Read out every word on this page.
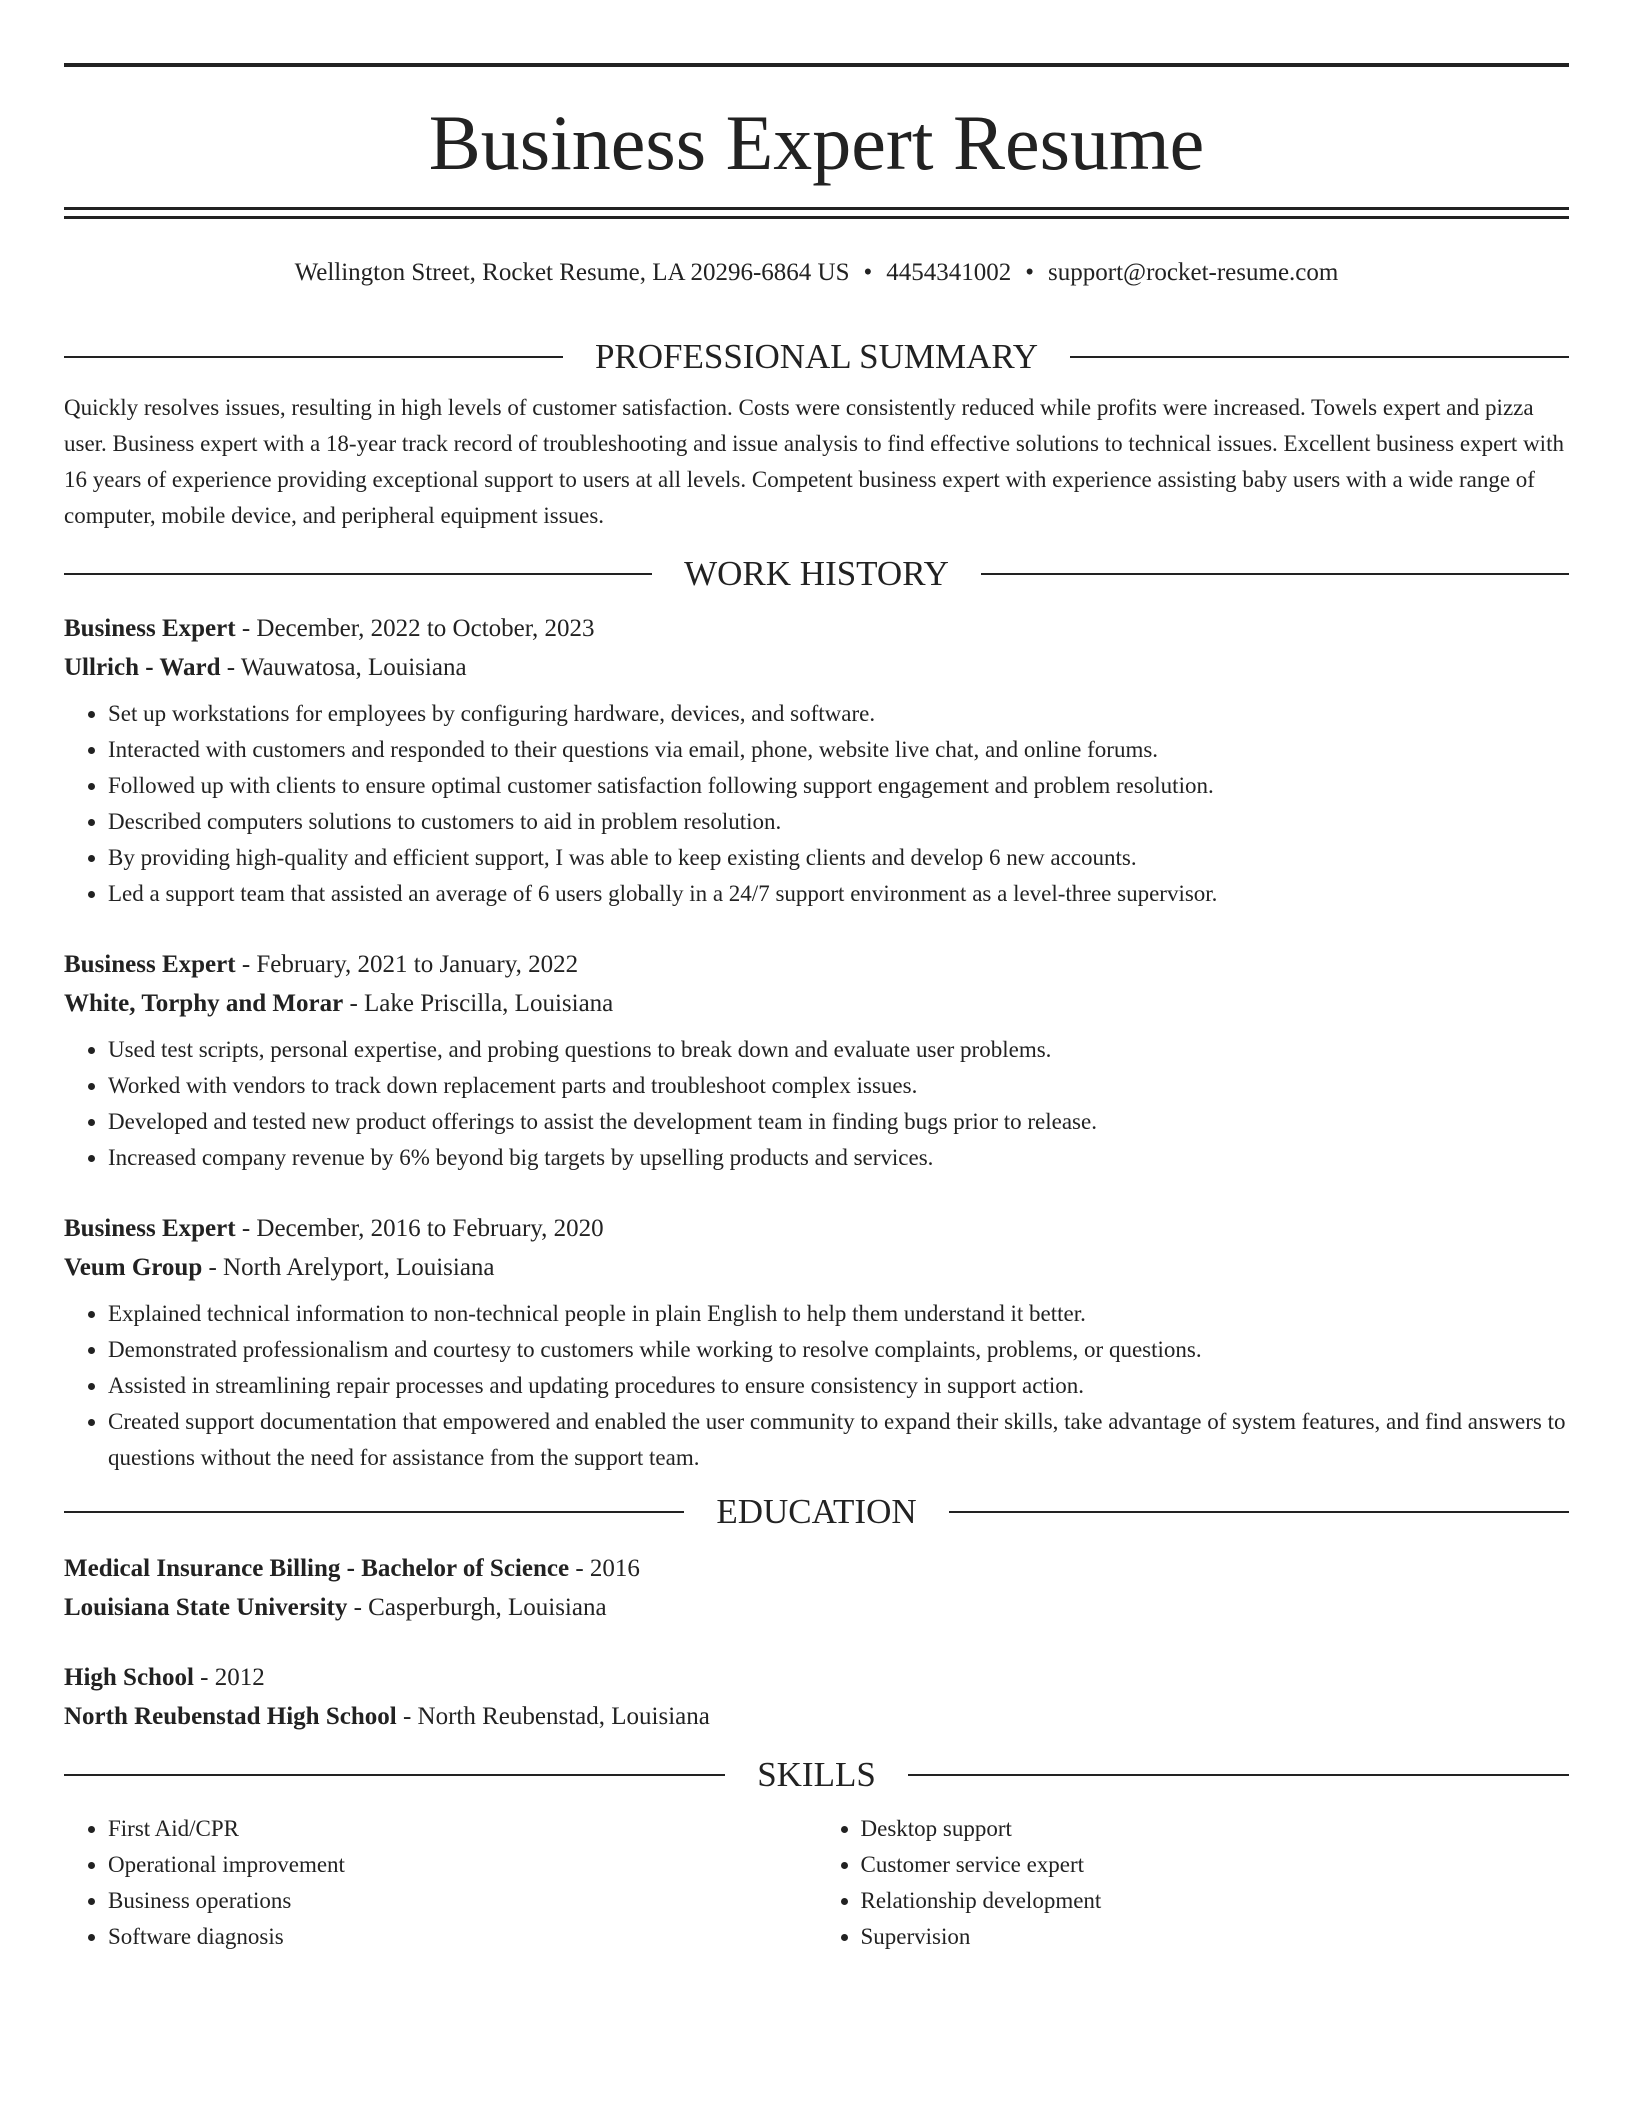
Business Expert Resume
Wellington Street, Rocket Resume, LA 20296-6864 US • 4454341002 • support@rocket-resume.com
PROFESSIONAL SUMMARY

Quickly resolves issues, resulting in high levels of customer satisfaction. Costs were consistently reduced while profits were increased. Towels expert and pizza user. Business expert with a 18-year track record of troubleshooting and issue analysis to find effective solutions to technical issues. Excellent business expert with 16 years of experience providing exceptional support to users at all levels. Competent business expert with experience assisting baby users with a wide range of computer, mobile device, and peripheral equipment issues.

WORK HISTORY
Business Expert - December, 2022 to October, 2023
Ullrich - Ward - Wauwatosa, Louisiana
• Set up workstations for employees by configuring hardware, devices, and software.
• Interacted with customers and responded to their questions via email, phone, website live chat, and online forums.
• Followed up with clients to ensure optimal customer satisfaction following support engagement and problem resolution.
• Described computers solutions to customers to aid in problem resolution.
• By providing high-quality and efficient support, I was able to keep existing clients and develop 6 new accounts.
• Led a support team that assisted an average of 6 users globally in a 24/7 support environment as a level-three supervisor.
Business Expert - February, 2021 to January, 2022
White, Torphy and Morar - Lake Priscilla, Louisiana
• Used test scripts, personal expertise, and probing questions to break down and evaluate user problems.
• Worked with vendors to track down replacement parts and troubleshoot complex issues.
• Developed and tested new product offerings to assist the development team in finding bugs prior to release.
• Increased company revenue by 6% beyond big targets by upselling products and services.
Business Expert - December, 2016 to February, 2020
Veum Group - North Arelyport, Louisiana
• Explained technical information to non-technical people in plain English to help them understand it better.
• Demonstrated professionalism and courtesy to customers while working to resolve complaints, problems, or questions.
• Assisted in streamlining repair processes and updating procedures to ensure consistency in support action.
• Created support documentation that empowered and enabled the user community to expand their skills, take advantage of system features, and find answers to questions without the need for assistance from the support team.
EDUCATION
Medical Insurance Billing - Bachelor of Science - 2016
Louisiana State University - Casperburgh, Louisiana
High School - 2012
North Reubenstad High School - North Reubenstad, Louisiana
SKILLS
• First Aid/CPR
• Operational improvement
• Business operations
• Software diagnosis
• Desktop support
• Customer service expert
• Relationship development
• Supervision
